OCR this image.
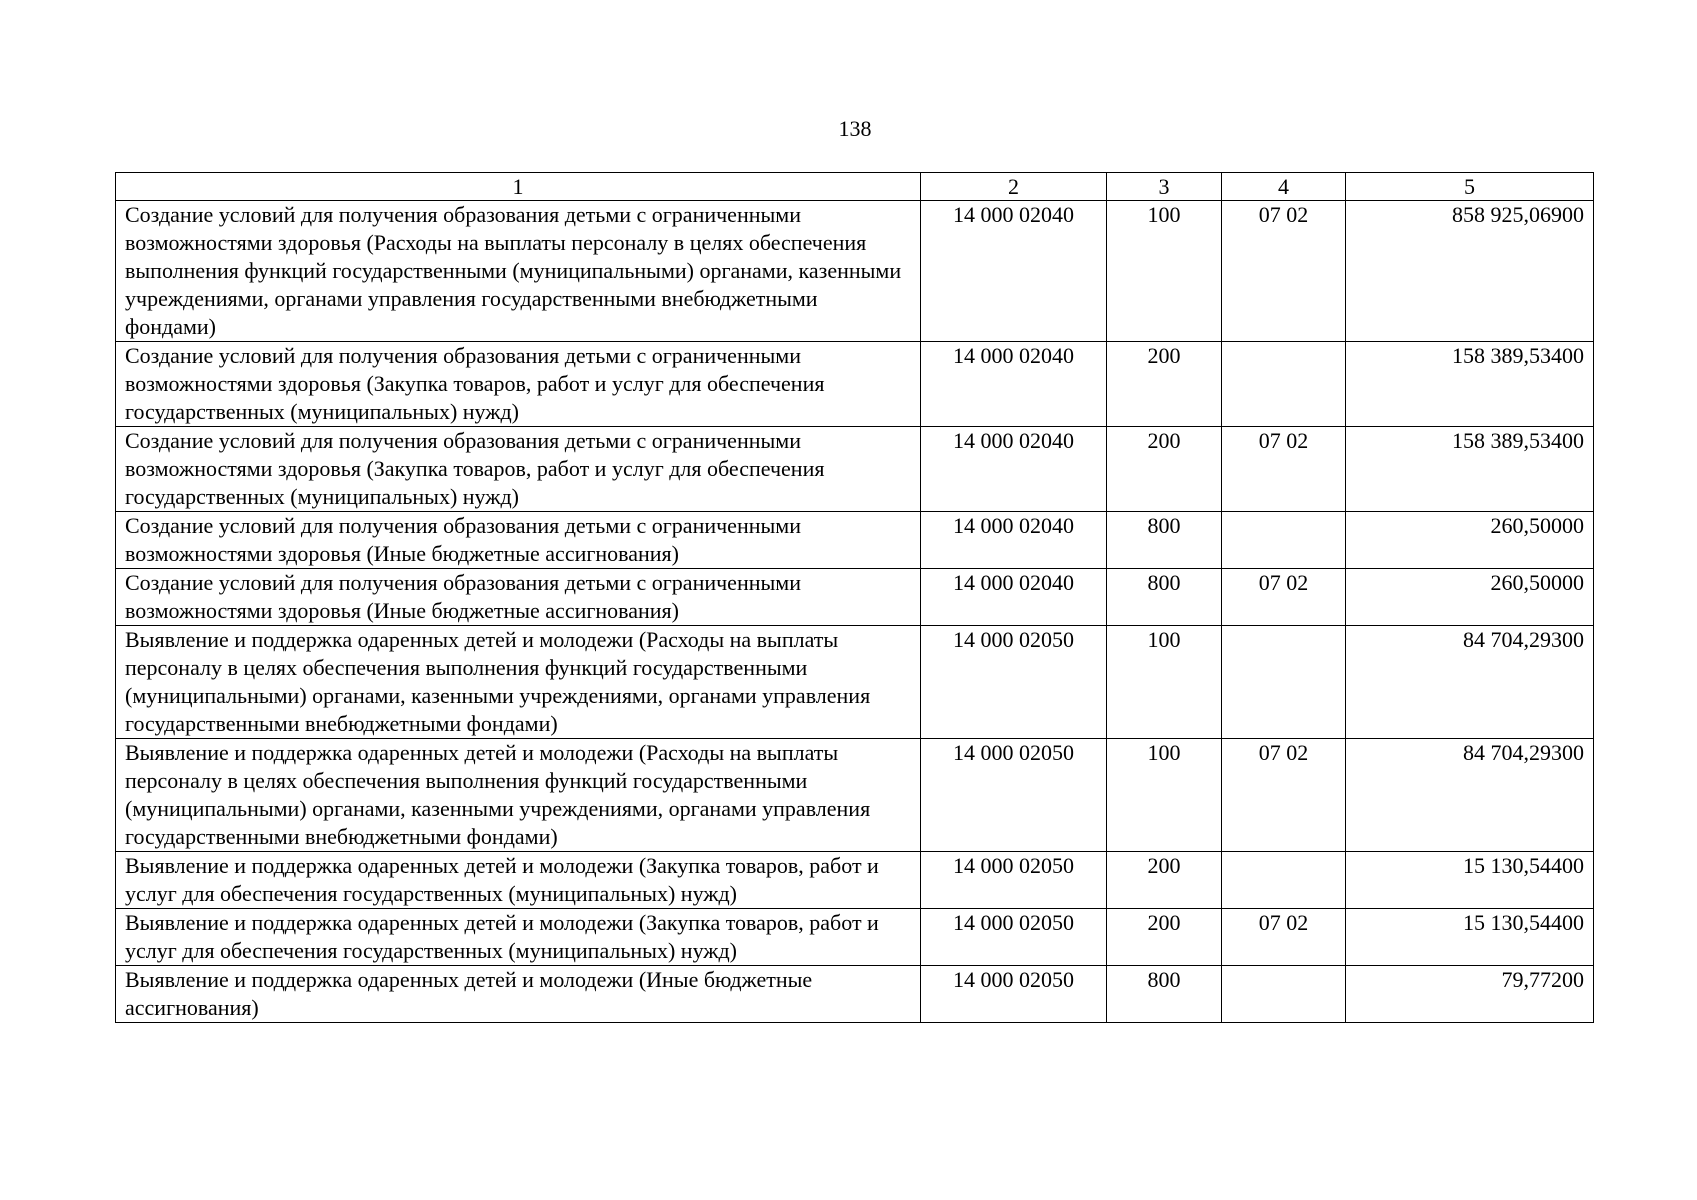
138
1	2	3	4	5
Создание условий для получения образования детьми с ограниченными возможностями здоровья (Расходы на выплаты персоналу в целях обеспечения выполнения функций государственными (муниципальными) органами, казенными учреждениями, органами управления государственными внебюджетными фондами)	14 000 02040	100	07 02	858 925,06900
Создание условий для получения образования детьми с ограниченными возможностями здоровья (Закупка товаров, работ и услуг для обеспечения государственных (муниципальных) нужд)	14 000 02040	200		158 389,53400
Создание условий для получения образования детьми с ограниченными возможностями здоровья (Закупка товаров, работ и услуг для обеспечения государственных (муниципальных) нужд)	14 000 02040	200	07 02	158 389,53400
Создание условий для получения образования детьми с ограниченными возможностями здоровья (Иные бюджетные ассигнования)	14 000 02040	800		260,50000
Создание условий для получения образования детьми с ограниченными возможностями здоровья (Иные бюджетные ассигнования)	14 000 02040	800	07 02	260,50000
Выявление и поддержка одаренных детей и молодежи (Расходы на выплаты персоналу в целях обеспечения выполнения функций государственными (муниципальными) органами, казенными учреждениями, органами управления государственными внебюджетными фондами)	14 000 02050	100		84 704,29300
Выявление и поддержка одаренных детей и молодежи (Расходы на выплаты персоналу в целях обеспечения выполнения функций государственными (муниципальными) органами, казенными учреждениями, органами управления государственными внебюджетными фондами)	14 000 02050	100	07 02	84 704,29300
Выявление и поддержка одаренных детей и молодежи (Закупка товаров, работ и услуг для обеспечения государственных (муниципальных) нужд)	14 000 02050	200		15 130,54400
Выявление и поддержка одаренных детей и молодежи (Закупка товаров, работ и услуг для обеспечения государственных (муниципальных) нужд)	14 000 02050	200	07 02	15 130,54400
Выявление и поддержка одаренных детей и молодежи (Иные бюджетные ассигнования)	14 000 02050	800		79,77200
